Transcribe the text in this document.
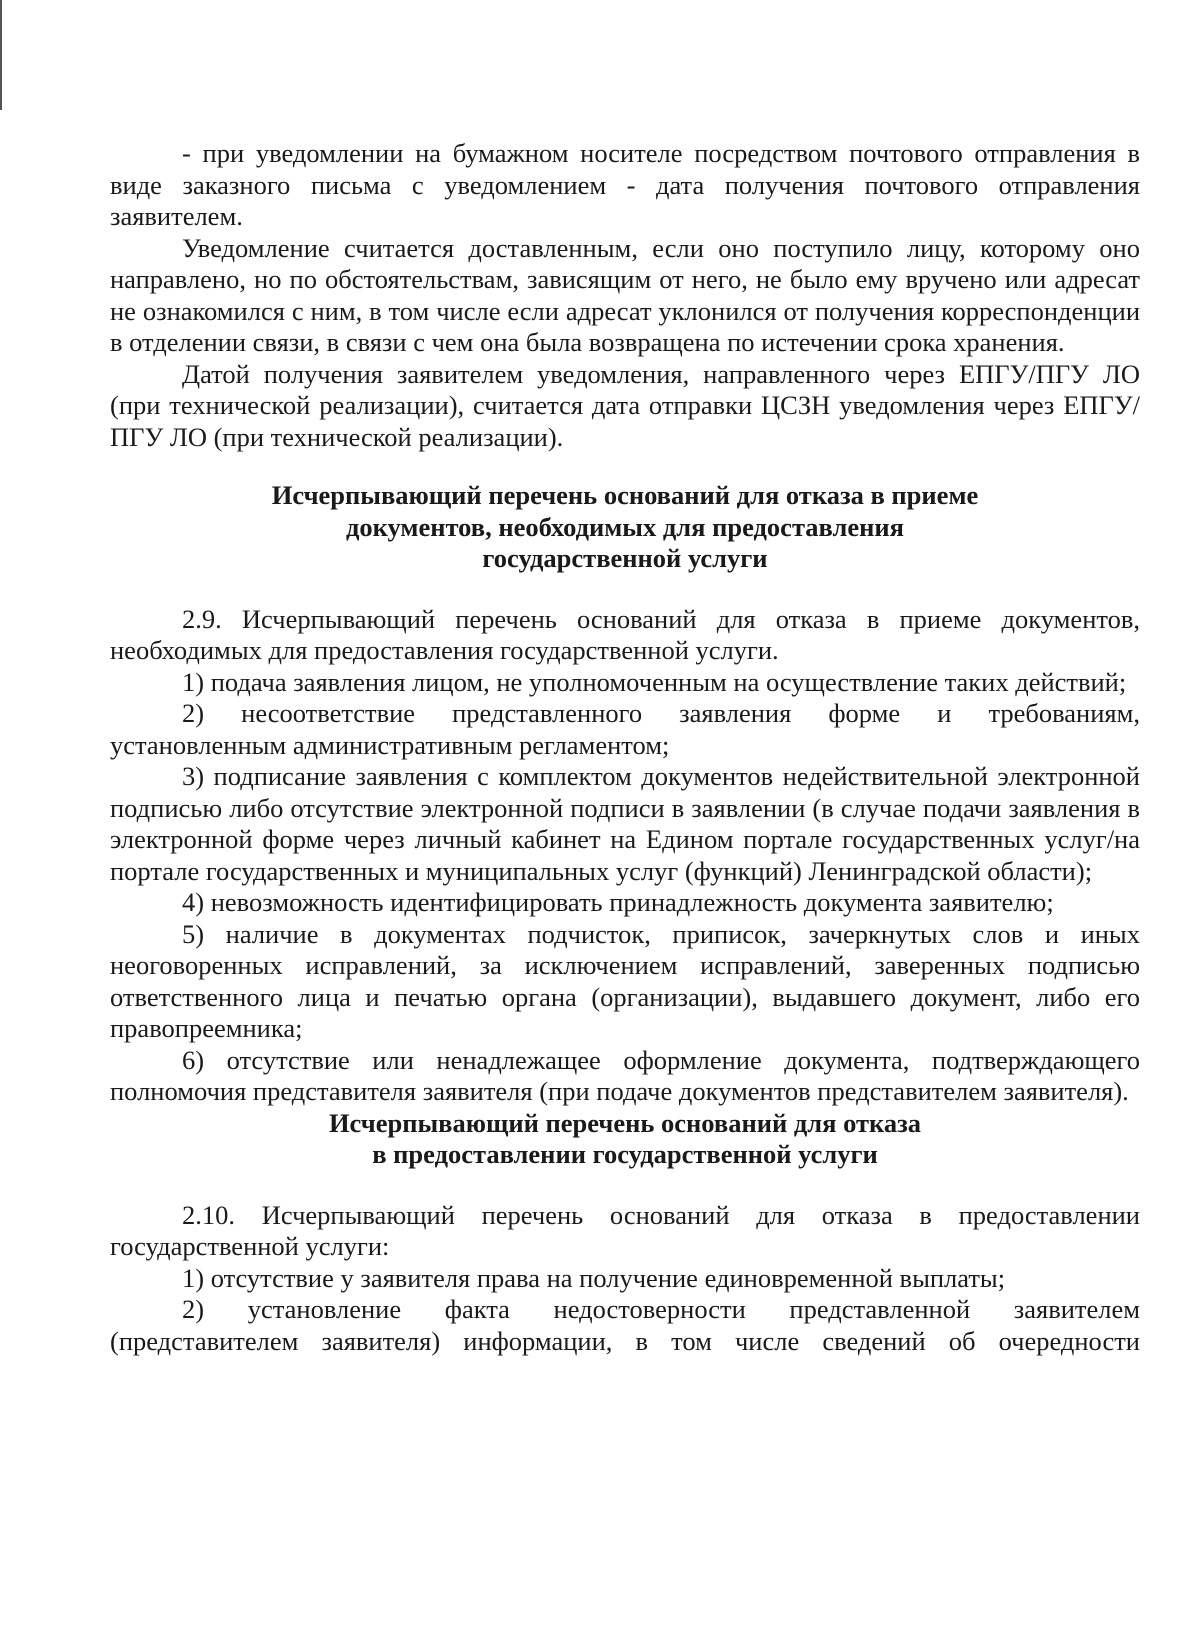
- при уведомлении на бумажном носителе посредством почтового отправления в виде заказного письма с уведомлением - дата получения почтового отправления заявителем.

Уведомление считается доставленным, если оно поступило лицу, которому оно направлено, но по обстоятельствам, зависящим от него, не было ему вручено или адресат не ознакомился с ним, в том числе если адресат уклонился от получения корреспонденции в отделении связи, в связи с чем она была возвращена по истечении срока хранения.

Датой получения заявителем уведомления, направленного через ЕПГУ/ПГУ ЛО (при технической реализации), считается дата отправки ЦСЗН уведомления через ЕПГУ/ПГУ ЛО (при технической реализации).

Исчерпывающий перечень оснований для отказа в приеме
документов, необходимых для предоставления
государственной услуги

2.9. Исчерпывающий перечень оснований для отказа в приеме документов, необходимых для предоставления государственной услуги.

1) подача заявления лицом, не уполномоченным на осуществление таких действий;

2) несоответствие представленного заявления форме и требованиям, установленным административным регламентом;

3) подписание заявления с комплектом документов недействительной электронной подписью либо отсутствие электронной подписи в заявлении (в случае подачи заявления в электронной форме через личный кабинет на Едином портале государственных услуг/на портале государственных и муниципальных услуг (функций) Ленинградской области);

4) невозможность идентифицировать принадлежность документа заявителю;

5) наличие в документах подчисток, приписок, зачеркнутых слов и иных неоговоренных исправлений, за исключением исправлений, заверенных подписью ответственного лица и печатью органа (организации), выдавшего документ, либо его правопреемника;

6) отсутствие или ненадлежащее оформление документа, подтверждающего полномочия представителя заявителя (при подаче документов представителем заявителя).

Исчерпывающий перечень оснований для отказа
в предоставлении государственной услуги

2.10. Исчерпывающий перечень оснований для отказа в предоставлении государственной услуги:

1) отсутствие у заявителя права на получение единовременной выплаты;

2) установление факта недостоверности представленной заявителем (представителем заявителя) информации, в том числе сведений об очередности
